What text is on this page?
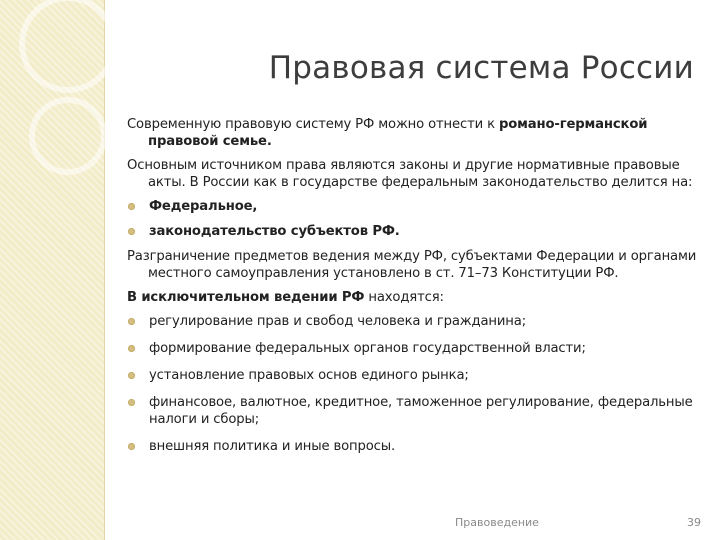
Правовая система России

Современную правовую систему РФ можно отнести к романо-германской правовой семье.

Основным источником права являются законы и другие нормативные правовые акты. В России как в государстве федеральным законодательство делится на:

Федеральное,
законодательство субъектов РФ.

Разграничение предметов ведения между РФ, субъектами Федерации и органами местного самоуправления установлено в ст. 71–73 Конституции РФ.

В исключительном ведении РФ находятся:

регулирование прав и свобод человека и гражданина;
формирование федеральных органов государственной власти;
установление правовых основ единого рынка;
финансовое, валютное, кредитное, таможенное регулирование, федеральные налоги и сборы;
внешняя политика и иные вопросы.
Правоведение	39
